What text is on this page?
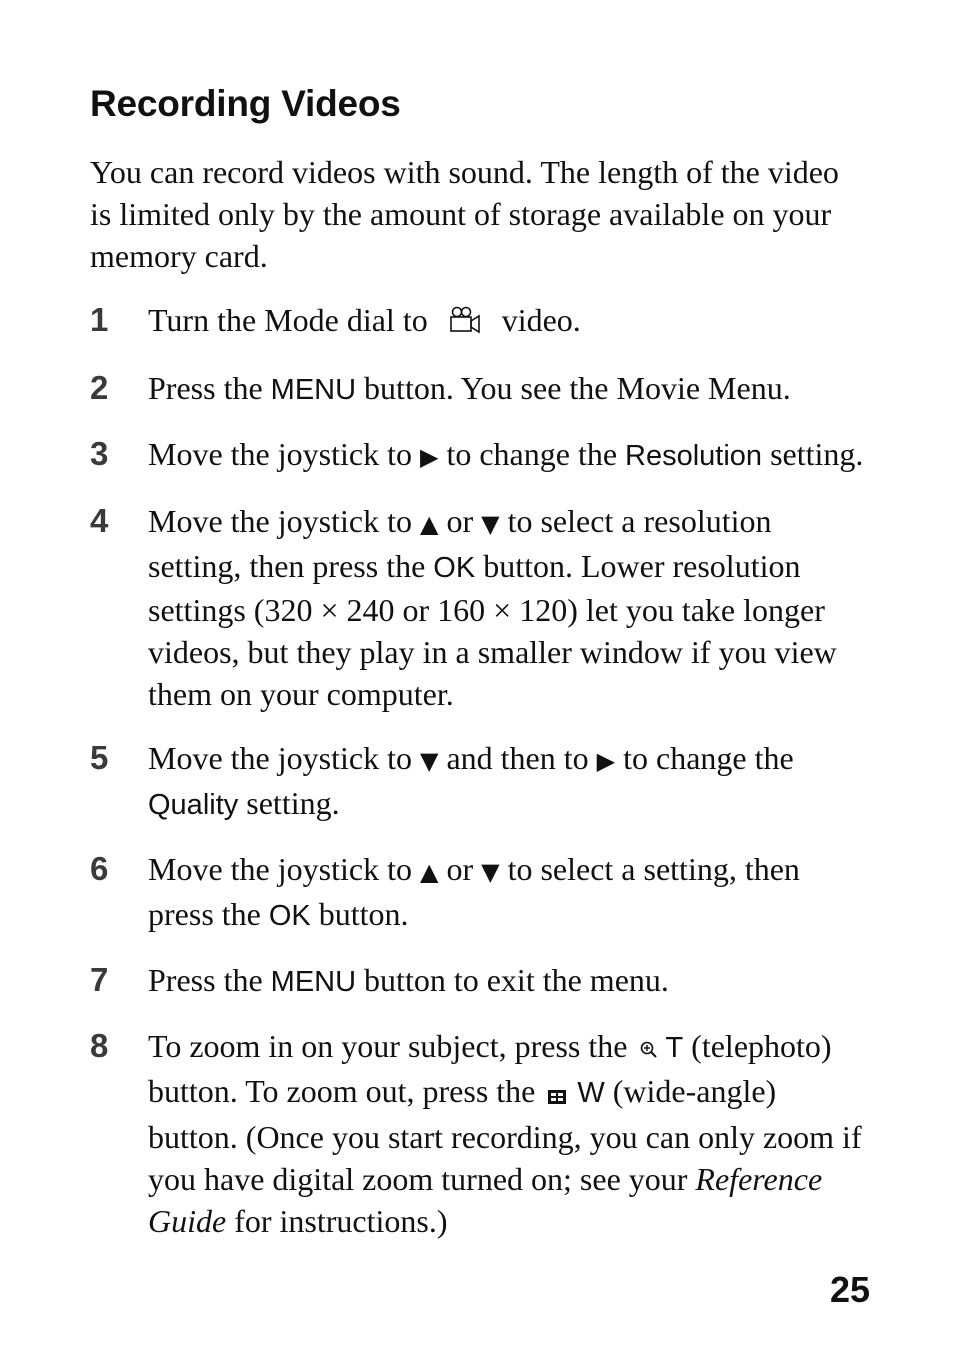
Recording Videos

You can record videos with sound. The length of the video is limited only by the amount of storage available on your memory card.

1 Turn the Mode dial to video.
2 Press the MENU button. You see the Movie Menu.
3 Move the joystick to ▶ to change the Resolution setting.
4 Move the joystick to ▲ or ▼ to select a resolution setting, then press the OK button. Lower resolution settings (320 × 240 or 160 × 120) let you take longer videos, but they play in a smaller window if you view them on your computer.
5 Move the joystick to ▼ and then to ▶ to change the Quality setting.
6 Move the joystick to ▲ or ▼ to select a setting, then press the OK button.
7 Press the MENU button to exit the menu.
8 To zoom in on your subject, press the T (telephoto) button. To zoom out, press the W (wide-angle) button. (Once you start recording, you can only zoom if you have digital zoom turned on; see your Reference Guide for instructions.)
25
